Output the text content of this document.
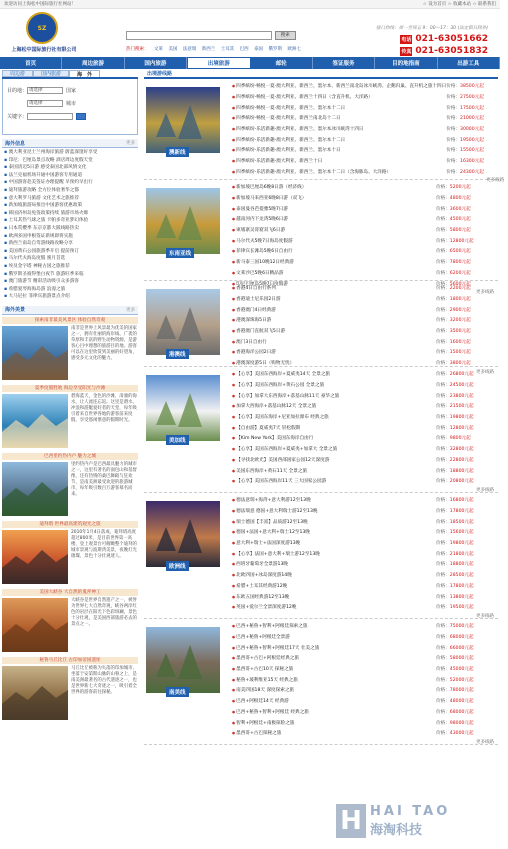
欢迎访问上海松中国际旅行社网站！	☆ 设为首页 ☆ 收藏本站 ☆ 联系我们
SZ
上海松中国际旅行社有限公司
搜索
热门搜索： 文莱 美国 法意瑞 新西兰 土耳其 巴西 泰国 俄罗斯 欧洲七
接口热线：周一至周五 9：00—17：30 (法定假日除外)
电话 021-63051662
传真 021-63051832
首页	周边旅游	国内旅游	出境旅游	邮轮	签证服务	目的地指南	出游工具
周边游	国内旅游	海　外
目的地： 请选择	国家
请选择	城市
关键字：
海外信息	更多
▪ 澳大利亚昆士兰州海岸旅游 蔚蓝深邃好享受
▪ 印尼：巴厘岛景点攻略 酒店周边度假天堂
▪ 泰国清迈5日游 感受泰国北部风情文化
▪ 法兰克福机场开通中国游客专用通道
▪ 中国游客赴美签证办理提醒 早预约早出行
▪ 迪拜旅游攻略 全方位体验奢华之都
▪ 意大利罗马旅游 文化艺术之旅推荐
▪ 新加坡旅游局推出中国游客优惠政策
▪ 韩国济州岛免签政策持续 旅游市场火爆
▪ 土耳其热气球之旅 卡帕多奇亚梦幻体验
▪ 日本赏樱季 东京京都大阪线路热卖
▪ 欧洲多国申根签证新规即将实施
▪ 新西兰南岛自驾游线路攻略分享
▪ 美国黄石公园旅游季开启 提前预订
▪ 马尔代夫海岛度假 蜜月首选
▪ 埃及金字塔 神秘古国之旅推荐
▪ 俄罗斯圣彼得堡白夜节 旅游旺季来临
▪ 澳门旅游节 精彩活动吸引众多游客
▪ 希腊爱琴海海岛游 浪漫之旅
▪ 大马尼拉 菲律宾旅游景点介绍
海外美景	更多
探索南非最美风景区 体验自然奇观
南非是世界上风景最为优美的国家之一，拥有壮丽的海岸线、广袤的草原和丰富的野生动物资源，是游客心目中理想的旅游目的地。游客可以在这里欣赏到美丽的好望角，感受多元文化的魅力。
夏季度假胜地 海边享受阳光与沙滩
碧海蓝天，金色的沙滩，清澈的海水，让人流连忘返。这里是潜水、冲浪和游艇爱好者的天堂，每年吸引着来自世界各地的游客前来度假，享受悠闲惬意的假期时光。
巴西里约热内卢 魅力之城
里约热内卢是巴西最具魅力的城市之一，这里有著名的面包山和基督像，还有热情的桑巴舞蹈与狂欢节，是南美洲最受欢迎的旅游城市，每年吸引数百万游客慕名而来。
迪拜塔 世界最高建筑观光之旅
2010年1月4日落成，迪拜塔高度超过800米，是目前世界第一高楼，登上观景台可俯瞰整个迪拜的城市景观与波斯湾美景，夜晚灯光璀璨，景色十分壮观迷人。
美国大峡谷 大自然的鬼斧神工
大峡谷是世界自然遗产之一，被誉为世界七大自然奇观，峡谷两岸红色的岩层在阳光下色彩斑斓，景色十分壮观，是美国西部旅游必去的景点之一。
秘鲁马丘比丘 古印加帝国遗址
马丘比丘被称为失落的印加城市，坐落于安第斯山脉的山脊之上，是南美洲最著名的古代遗迹之一，也是世界新七大奇迹之一，吸引着全世界的游客前往探秘。
出境游线路
澳新线
● 四季缤纷-畅悦一夏-澳大利亚、新西兰、墨尔本、新西兰南北岛冰川峡湾、企鹅归巢、直升机之旅十四日 价格：38500元起
● 四季缤纷-畅悦一夏-澳大利亚、新西兰十四日（含直升机、大洋路）	价格：27500元起
● 四季缤纷-畅悦一夏-澳大利亚、新西兰、墨尔本十二日	价格：17500元起
● 四季缤纷-畅悦一夏-澳大利亚、新西兰南北岛十二日	价格：21000元起
● 四季缤纷-乐活新趣-澳大利亚、新西兰、墨尔本冰川峡湾十四日	价格：30000元起
● 四季缤纷-乐活新趣-澳大利亚、新西兰、墨尔本十二日	价格：19500元起
● 四季缤纷-乐活新趣-澳大利亚、新西兰、墨尔本十日	价格：15500元起
● 四季缤纷-乐活新趣-澳大利亚、新西兰十日	价格：16300元起
● 四季缤纷-乐活新趣-澳大利亚、新西兰、墨尔本十二日（含海豚岛、大洋路）	价格：24300元起
更多线路
东南亚线
● 新加坡巴厘岛6晚8日游（经济线）	价格：5200元起
● 新加坡马来西亚6晚8日游（双飞）	价格：4800元起
● 泰国曼谷芭提雅5晚7日游	价格：3600元起
● 越南河内下龙湾5晚6日游	价格：4500元起
● 柬埔寨吴哥窟双飞6日游	价格：5800元起
● 马尔代夫5晚7日海岛度假游	价格：12800元起
● 菲律宾长滩岛5晚6日自由行	价格：6500元起
● 新马泰三国10晚12日经典游	价格：7800元起
● 文莱沙巴5晚6日精品游	价格：6200元起
● 印尼巴厘岛5晚7日度假游	价格：5600元起
更多线路
港澳线
● 香港4日自由行系列	价格：2200元起
● 香港迪士尼乐园2日游	价格：1800元起
● 香港澳门4日经典游	价格：2900元起
● 港澳深珠海5日游	价格：3200元起
● 香港澳门直航双飞5日游	价格：3500元起
● 澳门3日自由行	价格：1600元起
● 香港海洋公园2日游	价格：1500元起
● 港澳深度游5日（购物无忧）	价格：3800元起
更多线路
美加线
● 【心享】美国东西海岸+夏威夷14天 全景之旅	价格：26800元起
● 【心享】美国东西海岸+黄石公园 全景之旅	价格：24500元起
● 【心享】加拿大东西海岸+落基山脉11天 豪华之旅	价格：23800元起
● 加拿大西海岸+落基山脉12天 全景之旅	价格：21500元起
● 【心享】美国东海岸+尼亚加拉瀑布 经典之旅	价格：19800元起
● 【自由游】夏威夷7天 轻松假期	价格：12800元起
● 【Kim New York】美国东海岸自由行	价格：9800元起
● 【心享】美国东西海岸+夏威夷+加拿大 全景之旅	价格：32800元起
● 【寻找北欧光】美国西部国家公园12天深度游	价格：22800元起
● 美国东西海岸+黄石11天 全景之旅	价格：18800元起
● 【心享】美国东西海岸11天 三大国家公园游	价格：20800元起
更多线路
欧洲线
● 德法意瑞+海湾+意大利游12至13晚	价格：16800元起
● 德法瑞意 德国+意大利瑞士游12至13晚	价格：17800元起
● 瑞士德国【丰富】品质游12至13晚	价格：18500元起
● 德国+法国+意大利+瑞士12至13晚	价格：15600元起
● 意大利+瑞士+法国深度游13晚	价格：19800元起
● 【心享】法国+意大利+瑞士游12至13晚	价格：21800元起
● 西班牙葡萄牙全景游13晚	价格：18800元起
● 北欧四国+冰岛深度游14晚	价格：28500元起
● 希腊+土耳其经典游12晚	价格：17800元起
● 东欧五国经典游12至13晚	价格：13800元起
● 英国+爱尔兰全景深度游12晚	价格：19500元起
更多线路
南美线
● 巴西+秘鲁+智利+阿根廷探索之旅	价格：75000元起
● 巴西+秘鲁+阿根廷全景游	价格：68000元起
● 巴西+秘鲁+智利+阿根廷17天 壮美之旅	价格：66000元起
● 墨西哥+古巴+阿根廷经典之旅	价格：58000元起
● 墨西哥+古巴10天 探秘之旅	价格：45000元起
● 秘鲁+玻利维亚15天 经典之旅	价格：52000元起
● 南美四国18天 深度探索之旅	价格：78000元起
● 巴西+阿根廷14天 经典游	价格：48000元起
● 巴西+秘鲁+智利+阿根廷 经典之旅	价格：68000元起
● 智利+阿根廷+南极探险之旅	价格：98000元起
● 墨西哥+古巴探秘之旅	价格：43000元起
更多线路
H HAI TAO
海淘科技
